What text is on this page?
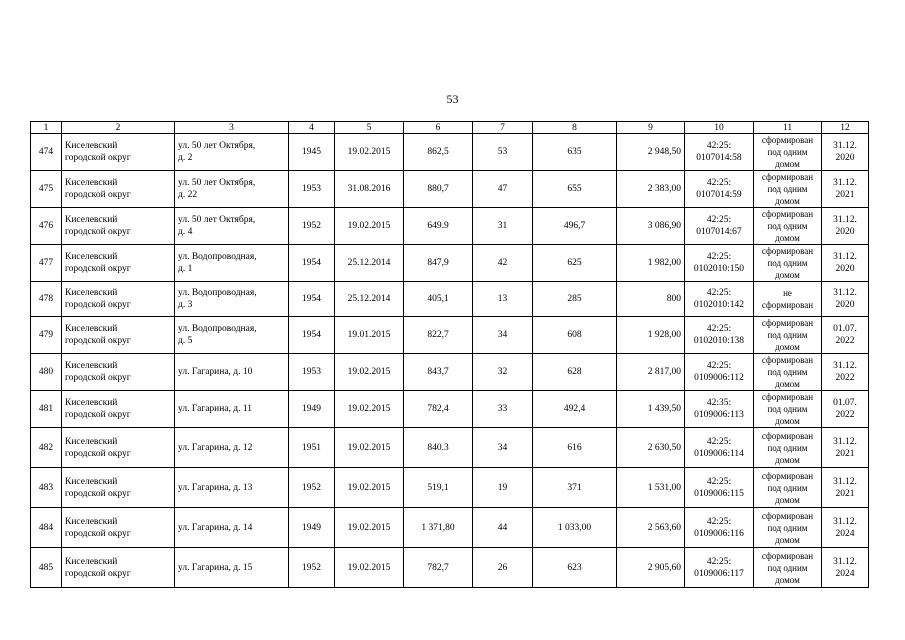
53
1	2	3	4	5	6	7	8	9	10	11	12
474	Киселевский
городской округ	ул. 50 лет Октября,
д. 2	1945	19.02.2015	862,5	53	635	2 948,50	42:25:
0107014:58	сформирован
под одним
домом	31.12.
2020
475	Киселевский
городской округ	ул. 50 лет Октября,
д. 22	1953	31.08.2016	880,7	47	655	2 383,00	42:25:
0107014:59	сформирован
под одним
домом	31.12.
2021
476	Киселевский
городской округ	ул. 50 лет Октября,
д. 4	1952	19.02.2015	649.9	31	496,7	3 086,90	42:25:
0107014:67	сформирован
под одним
домом	31.12.
2020
477	Киселевский
городской округ	ул. Водопроводная,
д. 1	1954	25.12.2014	847,9	42	625	1 982,00	42:25:
0102010:150	сформирован
под одним
домом	31.12.
2020
478	Киселевский
городской округ	ул. Водопроводная,
д. 3	1954	25.12.2014	405,1	13	285	800	42:25:
0102010:142	не
сформирован	31.12.
2020
479	Киселевский
городской округ	ул. Водопроводная,
д. 5	1954	19.01.2015	822,7	34	608	1 928,00	42:25:
0102010:138	сформирован
под одним
домом	01.07.
2022
480	Киселевский
городской округ	ул. Гагарина, д. 10	1953	19.02.2015	843,7	32	628	2 817,00	42:25:
0109006:112	сформирован
под одним
домом	31.12.
2022
481	Киселевский
городской округ	ул. Гагарина, д. 11	1949	19.02.2015	782,4	33	492,4	1 439,50	42:35:
0109006:113	сформирован
под одним
домом	01.07.
2022
482	Киселевский
городской округ	ул. Гагарина, д. 12	1951	19.02.2015	840.3	34	616	2 630,50	42:25:
0109006:114	сформирован
под одним
домом	31.12.
2021
483	Киселевский
городской округ	ул. Гагарина, д. 13	1952	19.02.2015	519,1	19	371	1 531,00	42:25:
0109006:115	сформирован
под одним
домом	31.12.
2021
484	Киселевский
городской округ	ул. Гагарина, д. 14	1949	19.02.2015	1 371,80	44	1 033,00	2 563,60	42:25:
0109006:116	сформирован
под одним
домом	31.12.
2024
485	Киселевский
городской округ	ул. Гагарина, д. 15	1952	19.02.2015	782,7	26	623	2 905,60	42:25:
0109006:117	сформирован
под одним
домом	31.12.
2024
